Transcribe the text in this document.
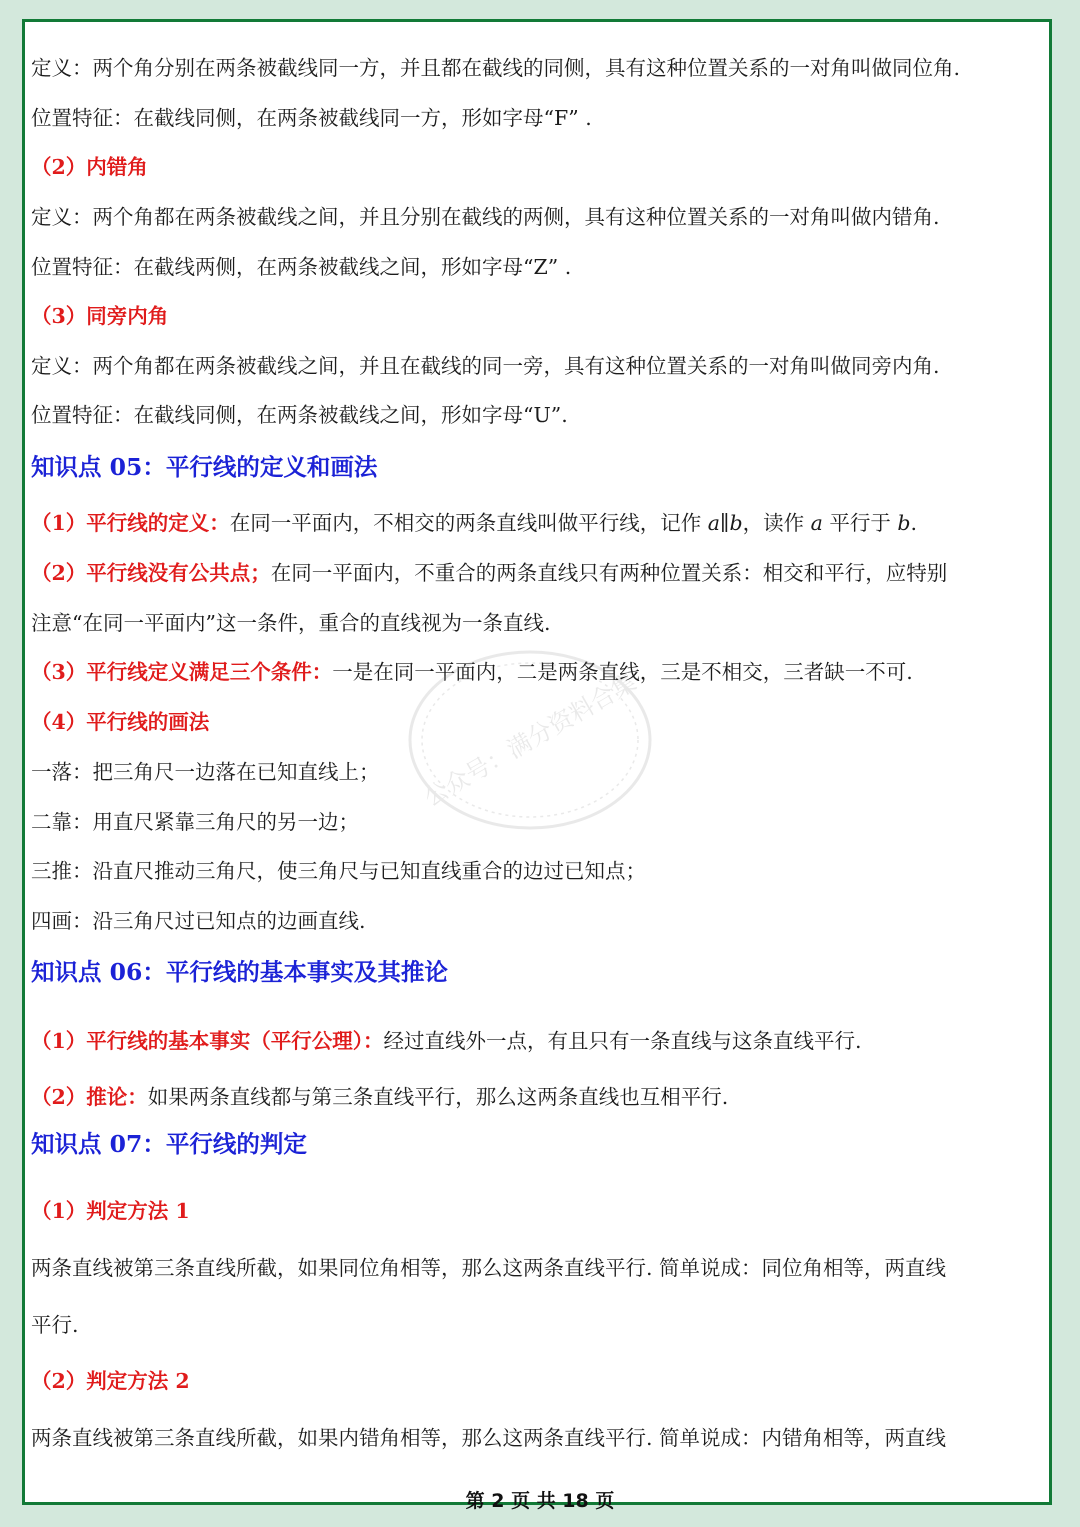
定义：两个角分别在两条被截线同一方，并且都在截线的同侧，具有这种位置关系的一对角叫做同位角.
位置特征：在截线同侧，在两条被截线同一方，形如字母“F” .
（2）内错角
定义：两个角都在两条被截线之间，并且分别在截线的两侧，具有这种位置关系的一对角叫做内错角.
位置特征：在截线两侧，在两条被截线之间，形如字母“Z” .
（3）同旁内角
定义：两个角都在两条被截线之间，并且在截线的同一旁，具有这种位置关系的一对角叫做同旁内角.
位置特征：在截线同侧，在两条被截线之间，形如字母“U”.
知识点 05：平行线的定义和画法
（1）平行线的定义：在同一平面内，不相交的两条直线叫做平行线，记作 a∥b，读作 a 平行于 b.
（2）平行线没有公共点；在同一平面内，不重合的两条直线只有两种位置关系：相交和平行，应特别
注意“在同一平面内”这一条件，重合的直线视为一条直线.
（3）平行线定义满足三个条件：一是在同一平面内，二是两条直线，三是不相交，三者缺一不可.
（4）平行线的画法
一落：把三角尺一边落在已知直线上；
二靠：用直尺紧靠三角尺的另一边；
三推：沿直尺推动三角尺，使三角尺与已知直线重合的边过已知点；
四画：沿三角尺过已知点的边画直线.
知识点 06：平行线的基本事实及其推论
（1）平行线的基本事实（平行公理）：经过直线外一点，有且只有一条直线与这条直线平行.
（2）推论：如果两条直线都与第三条直线平行，那么这两条直线也互相平行.
知识点 07：平行线的判定
（1）判定方法 1
两条直线被第三条直线所截，如果同位角相等，那么这两条直线平行. 简单说成：同位角相等，两直线
平行.
（2）判定方法 2
两条直线被第三条直线所截，如果内错角相等，那么这两条直线平行. 简单说成：内错角相等，两直线
第 2 页 共 18 页
